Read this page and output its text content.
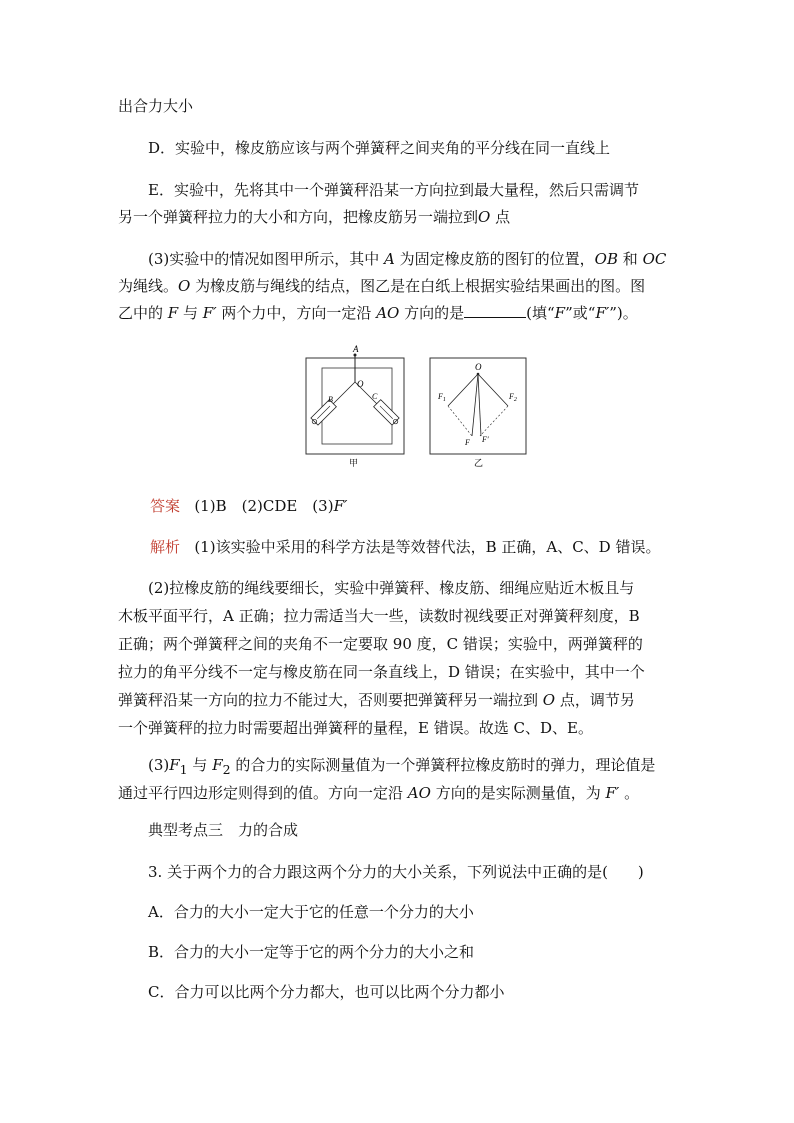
出合力大小

D．实验中，橡皮筋应该与两个弹簧秤之间夹角的平分线在同一直线上

E．实验中，先将其中一个弹簧秤沿某一方向拉到最大量程，然后只需调节

另一个弹簧秤拉力的大小和方向，把橡皮筋另一端拉到O 点

(3)实验中的情况如图甲所示，其中 A 为固定橡皮筋的图钉的位置，OB 和 OC

为绳线。O 为橡皮筋与绳线的结点，图乙是在白纸上根据实验结果画出的图。图

乙中的 F 与 F′ 两个力中，方向一定沿 AO 方向的是	(填“F”或“F′”)。

A
O
B	C
甲
O
$F_1$	$F_2$
F F′
乙

答案 (1)B　(2)CDE　(3)F′

解析 (1)该实验中采用的科学方法是等效替代法，B 正确，A、C、D 错误。

(2)拉橡皮筋的绳线要细长，实验中弹簧秤、橡皮筋、细绳应贴近木板且与

木板平面平行，A 正确；拉力需适当大一些，读数时视线要正对弹簧秤刻度，B

正确；两个弹簧秤之间的夹角不一定要取 90 度，C 错误；实验中，两弹簧秤的

拉力的角平分线不一定与橡皮筋在同一条直线上，D 错误；在实验中，其中一个

弹簧秤沿某一方向的拉力不能过大，否则要把弹簧秤另一端拉到 O 点，调节另

一个弹簧秤的拉力时需要超出弹簧秤的量程，E 错误。故选 C、D、E。

$(3)F_1$ 与 $F_2$ 的合力的实际测量值为一个弹簧秤拉橡皮筋时的弹力，理论值是

通过平行四边形定则得到的值。方向一定沿 AO 方向的是实际测量值，为 F′ 。

典型考点三　力的合成

3. 关于两个力的合力跟这两个分力的大小关系，下列说法中正确的是(　　)

A．合力的大小一定大于它的任意一个分力的大小

B．合力的大小一定等于它的两个分力的大小之和

C．合力可以比两个分力都大，也可以比两个分力都小
